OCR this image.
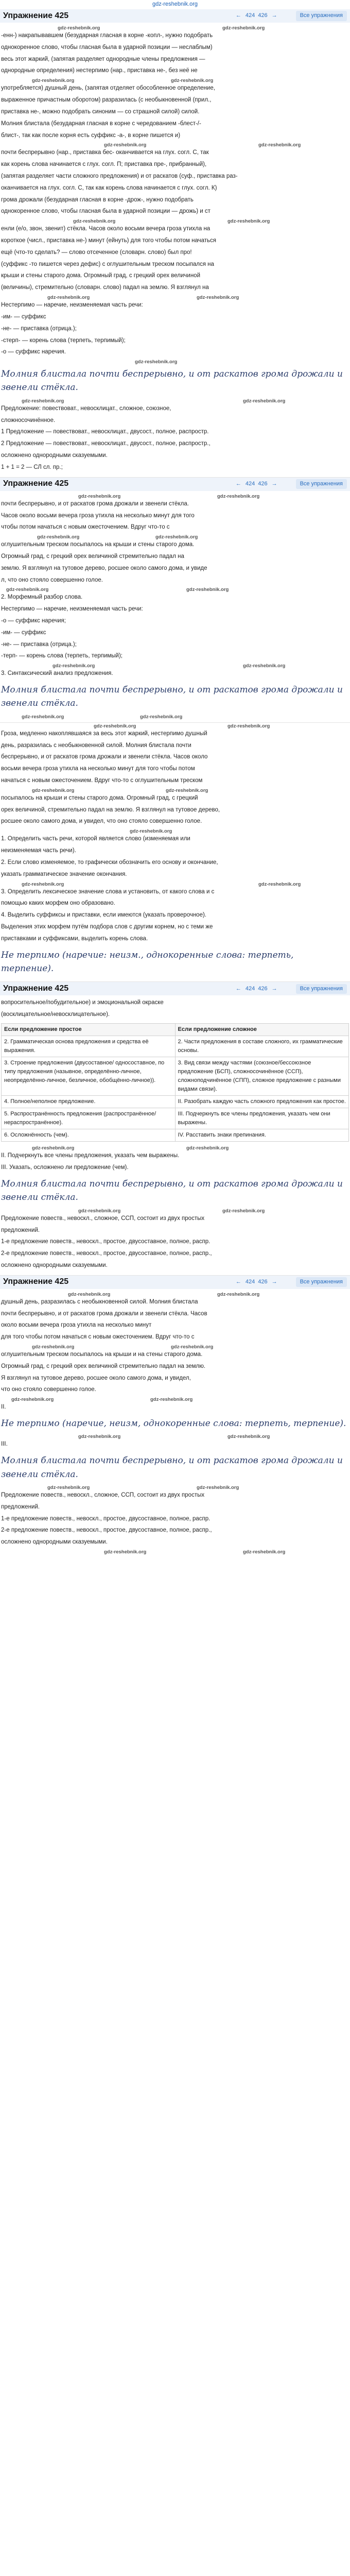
gdz-reshebnik.org
Упражнение 425	← 424 426 →	Все упражнения
gdz-reshebnik.org	gdz-reshebnik.org

-енн-) накрапывавшем (безударная гласная в корне -копл-, нужно подобрать

однокоренное слово, чтобы гласная была в ударной позиции — неслаблым)

весь этот жаркий, (запятая разделяет однородные члены предложения —

однородные определения) нестерпимо (нар., приставка не-, без неё не

gdz-reshebnik.org	gdz-reshebnik.org

употребляется) душный день, (запятая отделяет обособленное определение,

выраженное причастным оборотом) разразилась (с необыкновенной (прил.,

приставка не-, можно подобрать синоним — со страшной силой) силой.

Молния блистала (безударная гласная в корне с чередованием -блест-/-

блист-, так как после корня есть суффикс -а-, в корне пишется и)

gdz-reshebnik.org	gdz-reshebnik.org

почти беспрерывно (нар., приставка бес- оканчивается на глух. согл. С, так

как корень слова начинается с глух. согл. П; приставка пре-, прибранный),

(запятая разделяет части сложного предложения) и от раскатов (суф., приставка раз-

оканчивается на глух. согл. С, так как корень слова начинается с глух. согл. К)

грома дрожали (безударная гласная в корне -дрож-, нужно подобрать

однокоренное слово, чтобы гласная была в ударной позиции — дрожь) и ст

gdz-reshebnik.org	gdz-reshebnik.org

енли (е/о, звон, звенит) стёкла. Часов около восьми вечера гроза утихла на

короткое (числ., приставка не-) минут (ейнуть) для того чтобы потом начаться

ещё (что-то сделать? — слово отсеченное (словарн. слово) был про!

(суффикс -то пишется через дефис) с оглушительным треском посыпался на

крыши и стены старого дома. Огромный град, с грецкий орех величиной

(величины), стремительно (словарн. слово) падал на землю. Я взглянул на

gdz-reshebnik.org	gdz-reshebnik.org

Нестерпимо — наречие, неизменяемая часть речи:

-им- — суффикс

-не- — приставка (отрица.);

-стерп- — корень слова (терпеть, терпимый);

-о — суффикс наречия.

gdz-reshebnik.org

Молния блистала почти беспрерывно, и от раскатов грома дрожали и звенели стёкла.

gdz-reshebnik.org	gdz-reshebnik.org

Предложение: повествоват., невосклицат., сложное, союзное,

сложносочинённое.

1 Предложение — повествоват., невосклицат., двусост., полное, распростр.

2 Предложение — повествоват., невосклицат., двусост., полное, распростр.,

осложнено однородными сказуемыми.

1 + 1 = 2 — СЛ сл. пр.;

Упражнение 425	← 424 426 →	Все упражнения
gdz-reshebnik.org	gdz-reshebnik.org

почти беспрерывно, и от раскатов грома дрожали и звенели стёкла.

Часов около восьми вечера гроза утихла на несколько минут для того

чтобы потом начаться с новым ожесточением. Вдруг что-то с

gdz-reshebnik.org	gdz-reshebnik.org

оглушительным треском посыпалось на крыши и стены старого дома.

Огромный град, с грецкий орех величиной стремительно падал на

землю. Я взглянул на тутовое дерево, росшее около самого дома, и увиде

л, что оно стояло совершенно голое.

gdz-reshebnik.org	gdz-reshebnik.org

2. Морфемный разбор слова.

Нестерпимо — наречие, неизменяемая часть речи:

-о — суффикс наречия;

-им- — суффикс

-не- — приставка (отрица.);

-терп- — корень слова (терпеть, терпимый);

gdz-reshebnik.org	gdz-reshebnik.org

3. Синтаксический анализ предложения.

Молния блистала почти беспрерывно, и от раскатов грома дрожали и звенели стёкла.

gdz-reshebnik.org	gdz-reshebnik.org
gdz-reshebnik.org	gdz-reshebnik.org

Гроза, медленно накоплявшаяся за весь этот жаркий, нестерпимо душный

день, разразилась с необыкновенной силой. Молния блистала почти

беспрерывно, и от раскатов грома дрожали и звенели стёкла. Часов около

восьми вечера гроза утихла на несколько минут для того чтобы потом

начаться с новым ожесточением. Вдруг что-то с оглушительным треском

gdz-reshebnik.org	gdz-reshebnik.org

посыпалось на крыши и стены старого дома. Огромный град, с грецкий

орех величиной, стремительно падал на землю. Я взглянул на тутовое дерево,

росшее около самого дома, и увидел, что оно стояло совершенно голое.

gdz-reshebnik.org

1. Определить часть речи, которой является слово (изменяемая или

неизменяемая часть речи).

2. Если слово изменяемое, то графически обозначить его основу и окончание,

указать грамматическое значение окончания.

gdz-reshebnik.org	gdz-reshebnik.org

3. Определить лексическое значение слова и установить, от какого слова и с

помощью каких морфем оно образовано.

4. Выделить суффиксы и приставки, если имеются (указать проверочное).

Выделения этих морфем путём подбора слов с другим корнем, но с теми же

приставками и суффиксами, выделить корень слова.

Не терпимо (наречие: неизм., однокоренные слова: терпеть, терпение).

Упражнение 425	← 424 426 →	Все упражнения

вопросительное/побудительное) и эмоциональной окраске

(восклицательное/невосклицательное).

Если предложение простое	Если предложение сложное
2. Грамматическая основа предложения и средства её выражения.	2. Части предложения в составе сложного, их грамматические основы.
3. Строение предложения (двусоставное/ односоставное, по типу предложения (назывное, определённо-личное, неопределённо-личное, безличное, обобщённо-личное)).	3. Вид связи между частями (союзное/бессоюзное предложение (БСП), сложносочинённое (ССП), сложноподчинённое (СПП), сложное предложение с разными видами связи).
4. Полное/неполное предложение.	II. Разобрать каждую часть сложного предложения как простое.
5. Распространённость предложения (распространённое/ нераспространённое).	III. Подчеркнуть все члены предложения, указать чем они выражены.
6. Осложнённость (чем).	IV. Расставить знаки препинания.
gdz-reshebnik.org	gdz-reshebnik.org

II. Подчеркнуть все члены предложения, указать чем выражены.

III. Указать, осложнено ли предложение (чем).

Молния блистала почти беспрерывно, и от раскатов грома дрожали и звенели стёкла.

gdz-reshebnik.org	gdz-reshebnik.org

Предложение повеств., невоскл., сложное, ССП, состоит из двух простых

предложений.

1-е предложение повеств., невоскл., простое, двусоставное, полное, распр.

2-е предложение повеств., невоскл., простое, двусоставное, полное, распр.,

осложнено однородными сказуемыми.

Упражнение 425	← 424 426 →	Все упражнения
gdz-reshebnik.org	gdz-reshebnik.org

душный день, разразилась с необыкновенной силой. Молния блистала

почти беспрерывно, и от раскатов грома дрожали и звенели стёкла. Часов

около восьми вечера гроза утихла на несколько минут

для того чтобы потом начаться с новым ожесточением. Вдруг что-то с

gdz-reshebnik.org	gdz-reshebnik.org

оглушительным треском посыпалось на крыши и на стены старого дома.

Огромный град, с грецкий орех величиной стремительно падал на землю.

Я взглянул на тутовое дерево, росшее около самого дома, и увидел,

что оно стояло совершенно голое.

gdz-reshebnik.org	gdz-reshebnik.org

II.

Не терпимо (наречие, неизм, однокоренные слова: терпеть, терпение).

gdz-reshebnik.org	gdz-reshebnik.org

III.

Молния блистала почти беспрерывно, и от раскатов грома дрожали и звенели стёкла.

gdz-reshebnik.org	gdz-reshebnik.org

Предложение повеств., невоскл., сложное, ССП, состоит из двух простых

предложений.

1-е предложение повеств., невоскл., простое, двусоставное, полное, распр.

2-е предложение повеств., невоскл., простое, двусоставное, полное, распр.,

осложнено однородными сказуемыми.

gdz-reshebnik.org	gdz-reshebnik.org
